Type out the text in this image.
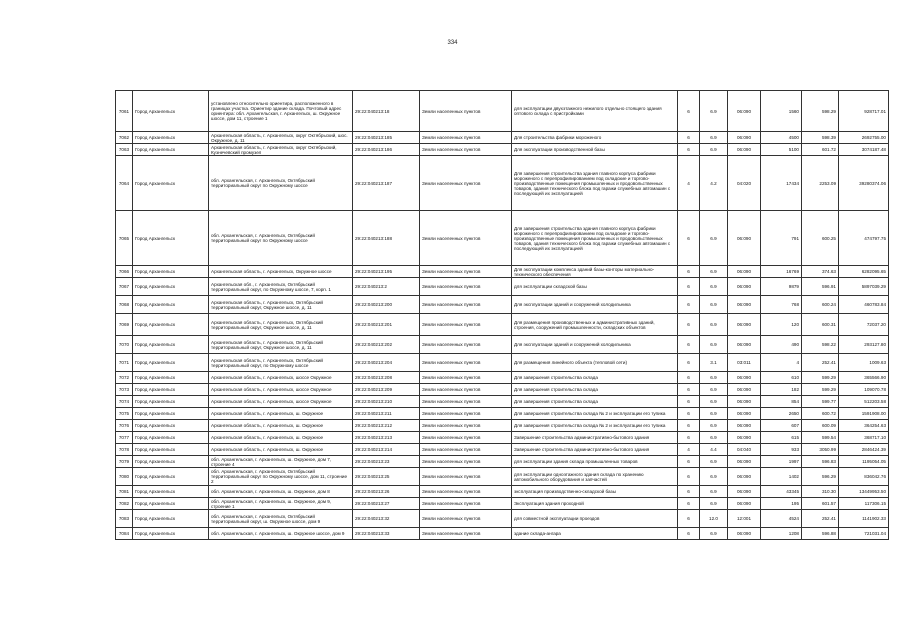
334
7061	Город Архангельск	установлено относительно ориентира, расположенного в границах участка. Ориентир здание склада. Почтовый адрес ориентира: обл. Архангельская, г. Архангельск, ш. Окружное шоссе, дом 11, строение 1	29:22:040213:18	Земли населенных пунктов	для эксплуатации двухэтажного нежилого отдельно стоящего здания оптового склада с пристройками	6	6.9	06:090	1560	598.29	928717.01
7062	Город Архангельск	Архангельская область, г. Архангельск, округ Октябрьский, шос. Окружное, д. 11	29:22:040213:185	Земли населенных пунктов	Для строительства фабрики мороженого	6	6.9	06:090	4500	598.39	2692755.00
7063	Город Архангельск	Архангельская область, г. Архангельск, округ Октябрьский, Кузнечевский промузел	29:22:040213:186	Земли населенных пунктов	Для эксплуатации производственной базы	6	6.9	06:090	5100	601.72	3074187.48
7064	Город Архангельск	обл. Архангельская, г. Архангельск, Октябрьский территориальный округ по Окружному шоссе	29:22:040213:187	Земли населенных пунктов	Для завершения строительства здания главного корпуса фабрики мороженого с перепрофилированием под складские и торгово-производственные помещения промышленных и продовольственных товаров, здания технического блока под гаражи служебных автомашин с последующей их эксплуатацией	4	4.2	04:020	17434	2253.09	39280374.06
7065	Город Архангельск	обл. Архангельская, г. Архангельск, Октябрьский территориальный округ по Окружному шоссе	29:22:040213:188	Земли населенных пунктов	Для завершения строительства здания главного корпуса фабрики мороженого с перепрофилированием под складские и торгово-производственные помещения промышленных и продовольственных товаров, здания технического блока под гаражи служебных автомашин с последующей их эксплуатацией	6	6.9	06:090	791	600.25	474797.75
7066	Город Архангельск	Архангельская область, г. Архангельск, Окружное шоссе	29:22:040213:195	Земли населенных пунктов	Для эксплуатации комплекса зданий базы-конторы материально-технического обеспечения	6	6.9	06:090	16769	374.63	6282095.65
7067	Город Архангельск	Архангельская обл., г. Архангельск, Октябрьский территориальный округ, по Окружному шоссе, 7, корп. 1	29:22:040213:2	Земли населенных пунктов	для эксплуатации складской базы	6	6.9	06:090	9879	596.91	5897039.29
7068	Город Архангельск	Архангельская область, г. Архангельск, Октябрьский территориальный округ, Окружное шоссе, д. 11	29:22:040213:200	Земли населенных пунктов	Для эксплуатации зданий и сооружений холодильника	6	6.9	06:090	768	600.24	460783.84
7069	Город Архангельск	Архангельская область, г. Архангельск, Октябрьский территориальный округ, Окружное шоссе, д. 11	29:22:040213:201	Земли населенных пунктов	Для размещения производственных и административных зданий, строения, сооружений промышленности, складских объектов	6	6.9	06:090	120	600.31	72037.20
7070	Город Архангельск	Архангельская область, г. Архангельск, Октябрьский территориальный округ, Окружное шоссе, д. 11	29:22:040213:202	Земли населенных пунктов	Для эксплуатации зданий и сооружений холодильника	6	6.9	06:090	490	598.22	293127.80
7071	Город Архангельск	Архангельская область, г. Архангельск, Октябрьский территориальный округ, по Окружному шоссе	29:22:040213:204	Земли населенных пунктов	Для размещения линейного объекта (тепловой сети)	6	3.1	03:011	4	252.41	1009.63
7072	Город Архангельск	Архангельская область, г. Архангельск, шоссе Окружное	29:22:040213:208	Земли населенных пунктов	Для завершения строительства склада	6	6.9	06:090	610	599.29	365566.90
7073	Город Архангельск	Архангельская область, г. Архангельск, шоссе Окружное	29:22:040213:209	Земли населенных пунктов	Для завершения строительства склада	6	6.9	06:090	182	599.29	109070.78
7074	Город Архангельск	Архангельская область, г. Архангельск, шоссе Окружное	29:22:040213:210	Земли населенных пунктов	Для завершения строительства склада	6	6.9	06:090	854	599.77	512203.58
7075	Город Архангельск	Архангельская область, г. Архангельск, ш. Окружное	29:22:040213:211	Земли населенных пунктов	Для завершения строительства склада № 2 и эксплуатации его тупика	6	6.9	06:090	2650	600.72	1591908.00
7076	Город Архангельск	Архангельская область, г. Архангельск, ш. Окружное	29:22:040213:212	Земли населенных пунктов	Для завершения строительства склада № 2 и эксплуатации его тупика	6	6.9	06:090	607	600.09	364254.63
7077	Город Архангельск	Архангельская область, г. Архангельск, ш. Окружное	29:22:040213:213	Земли населенных пунктов	Завершение строительства административно-бытового здания	6	6.9	06:090	615	599.54	368717.10
7078	Город Архангельск	Архангельская область, г. Архангельск, ш. Окружное	29:22:040213:214	Земли населенных пунктов	Завершение строительства административно-бытового здания	4	4.4	04:040	933	3050.99	2846424.39
7079	Город Архангельск	обл. Архангельская, г. Архангельск, ш. Окружное, дом 7, строение 4	29:22:040213:23	Земли населенных пунктов	для эксплуатации здания склада промышленных товаров	6	6.9	06:090	1997	596.83	1195054.05
7080	Город Архангельск	обл. Архангельская, г. Архангельск, Октябрьский территориальный округ по Окружному шоссе, дом 11, строение 2	29:22:040213:25	Земли населенных пунктов	для эксплуатации одноэтажного здания склада по хранению автомобильного оборудования и запчастей	6	6.9	06:090	1402	596.29	836042.76
7081	Город Архангельск	обл. Архангельская, г. Архангельск, ш. Окружное, дом 8	29:22:040213:26	Земли населенных пунктов	эксплуатация производственно-складской базы	6	6.9	06:090	43345	310.30	13449953.50
7082	Город Архангельск	обл. Архангельская, г. Архангельск, ш. Окружное, дом 9, строение 1	29:22:040213:27	Земли населенных пунктов	Эксплуатация здания проходной	6	6.9	06:090	195	601.57	117306.15
7083	Город Архангельск	обл. Архангельская, г. Архангельск, Октябрьский территориальный округ, ш. Окружное шоссе, дом 9	29:22:040213:32	Земли населенных пунктов	для совместной эксплуатации проездов	6	12.0	12:001	4524	252.41	1141902.33
7084	Город Архангельск	обл. Архангельская, г. Архангельск, ш. Окружное шоссе, дом 9	29:22:040213:33	Земли населенных пунктов	здание склада-ангара	6	6.9	06:090	1208	596.88	721031.04
